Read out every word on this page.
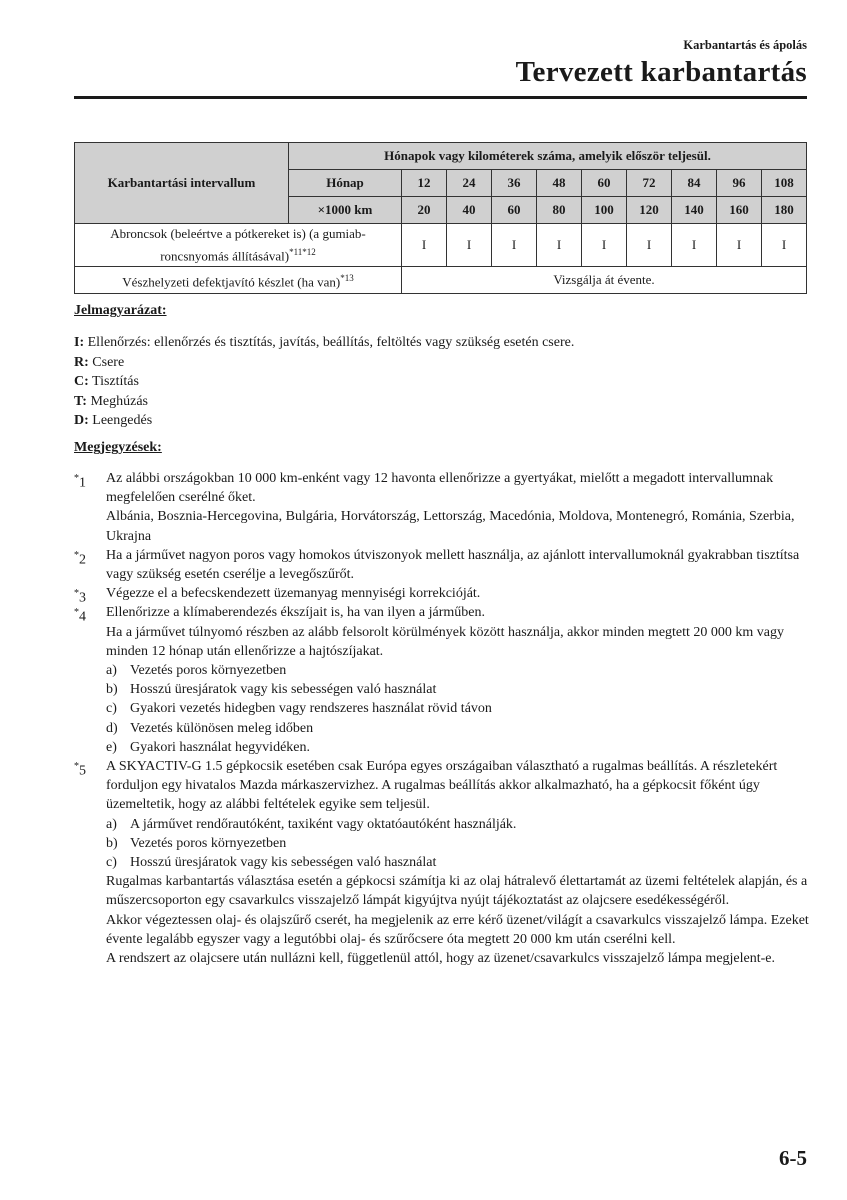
Karbantartás és ápolás
Tervezett karbantartás
Karbantartási intervallum	Hónapok vagy kilométerek száma, amelyik először teljesül.									
	Hónap	12	24	36	48	60	72	84	96	108
	×1000 km	20	40	60	80	100	120	140	160	180
Abroncsok (beleértve a pótkereket is) (a gumiab-
roncsnyomás állításával)$^{*11*12}$		I	I	I	I	I	I	I	I	I
Vészhelyzeti defektjavító készlet (ha van)$^{*13}$		Vizsgálja át évente.								
Jelmagyarázat:
I: Ellenőrzés: ellenőrzés és tisztítás, javítás, beállítás, feltöltés vagy szükség esetén csere.
R: Csere
C: Tisztítás
T: Meghúzás
D: Leengedés
Megjegyzések:
*1 Az alábbi országokban 10 000 km-enként vagy 12 havonta ellenőrizze a gyertyákat, mielőtt a megadott intervallumnak megfelelően cserélné őket.
Albánia, Bosznia-Hercegovina, Bulgária, Horvátország, Lettország, Macedónia, Moldova, Montenegró, Románia, Szerbia, Ukrajna
*2 Ha a járművet nagyon poros vagy homokos útviszonyok mellett használja, az ajánlott intervallumoknál gyakrabban tisztítsa vagy szükség esetén cserélje a levegőszűrőt.
*3 Végezze el a befecskendezett üzemanyag mennyiségi korrekcióját.
*4 Ellenőrizze a klímaberendezés ékszíjait is, ha van ilyen a járműben.
Ha a járművet túlnyomó részben az alább felsorolt körülmények között használja, akkor minden megtett 20 000 km vagy minden 12 hónap után ellenőrizze a hajtószíjakat.
a) Vezetés poros környezetben
b) Hosszú üresjáratok vagy kis sebességen való használat
c) Gyakori vezetés hidegben vagy rendszeres használat rövid távon
d) Vezetés különösen meleg időben
e) Gyakori használat hegyvidéken.
*5 A SKYACTIV-G 1.5 gépkocsik esetében csak Európa egyes országaiban választható a rugalmas beállítás. A részletekért forduljon egy hivatalos Mazda márkaszervizhez. A rugalmas beállítás akkor alkalmazható, ha a gépkocsit főként úgy üzemeltetik, hogy az alábbi feltételek egyike sem teljesül.
a) A járművet rendőrautóként, taxiként vagy oktatóautóként használják.
b) Vezetés poros környezetben
c) Hosszú üresjáratok vagy kis sebességen való használat
Rugalmas karbantartás választása esetén a gépkocsi számítja ki az olaj hátralevő élettartamát az üzemi feltételek alapján, és a műszercsoporton egy csavarkulcs visszajelző lámpát kigyújtva nyújt tájékoztatást az olajcsere esedékességéről.
Akkor végeztessen olaj- és olajszűrő cserét, ha megjelenik az erre kérő üzenet/világít a csavarkulcs visszajelző lámpa. Ezeket évente legalább egyszer vagy a legutóbbi olaj- és szűrőcsere óta megtett 20 000 km után cserélni kell.
A rendszert az olajcsere után nullázni kell, függetlenül attól, hogy az üzenet/csavarkulcs visszajelző lámpa megjelent-e.
6-5
